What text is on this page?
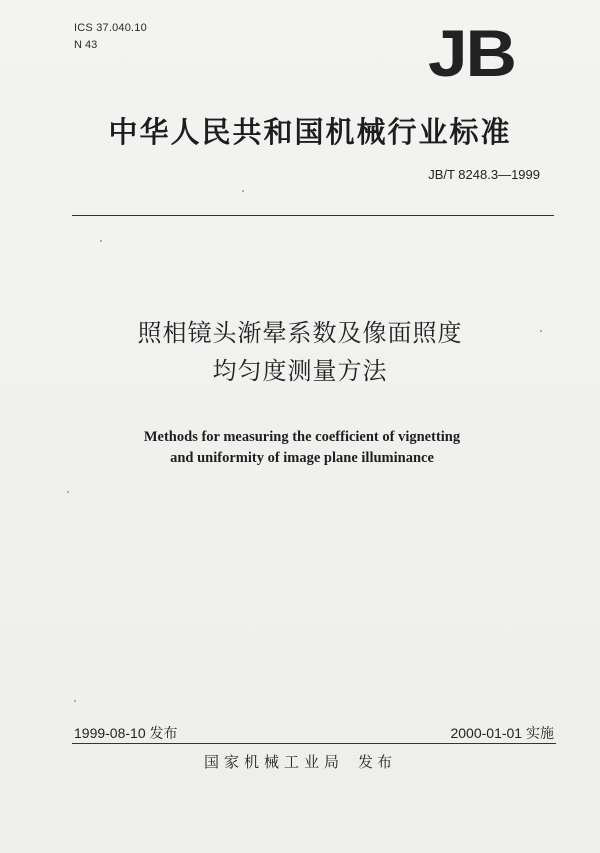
ICS 37.040.10
N 43	JB
中华人民共和国机械行业标准
JB/T 8248.3—1999
照相镜头渐晕系数及像面照度
均匀度测量方法
Methods for measuring the coefficient of vignetting
and uniformity of image plane illuminance
1999-08-10 发布	2000-01-01 实施
国家机械工业局 发布
